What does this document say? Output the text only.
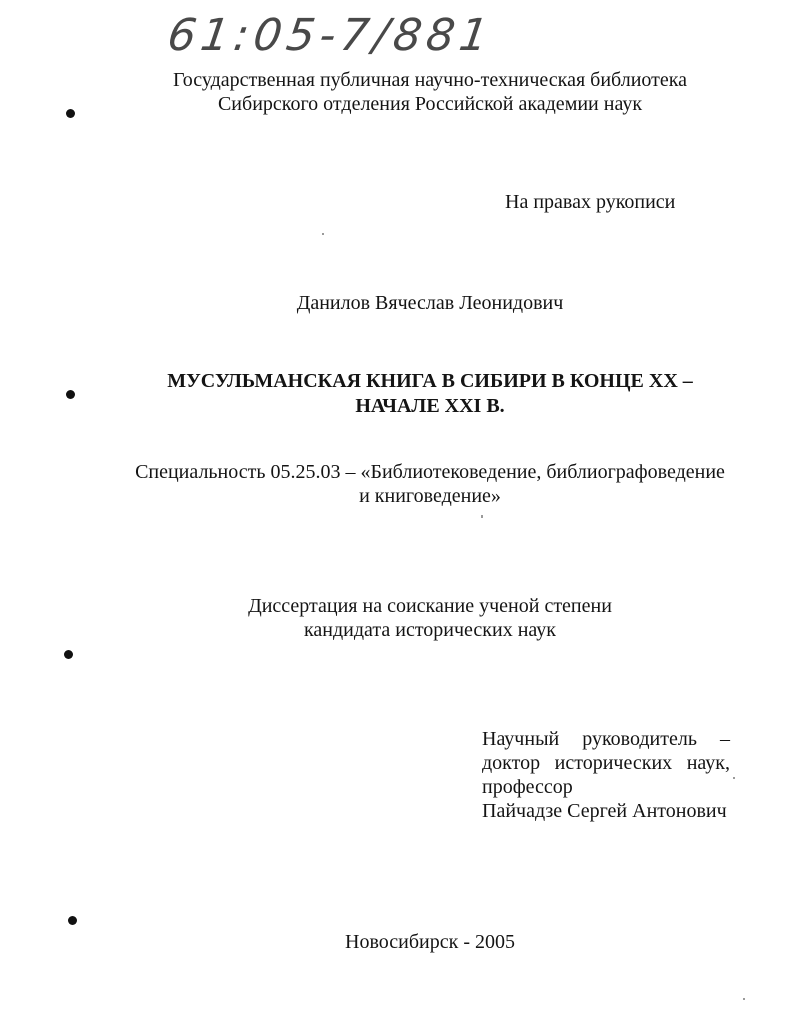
61:05-7/881
Государственная публичная научно-техническая библиотека
Сибирского отделения Российской академии наук
На правах рукописи
Данилов Вячеслав Леонидович
МУСУЛЬМАНСКАЯ КНИГА В СИБИРИ В КОНЦЕ XX –
НАЧАЛЕ XXI В.
Специальность 05.25.03 – «Библиотековедение, библиографоведение
и книговедение»
Диссертация на соискание ученой степени
кандидата исторических наук
Научный руководитель –
доктор исторических наук,
профессор
Пайчадзе Сергей Антонович
Новосибирск - 2005
